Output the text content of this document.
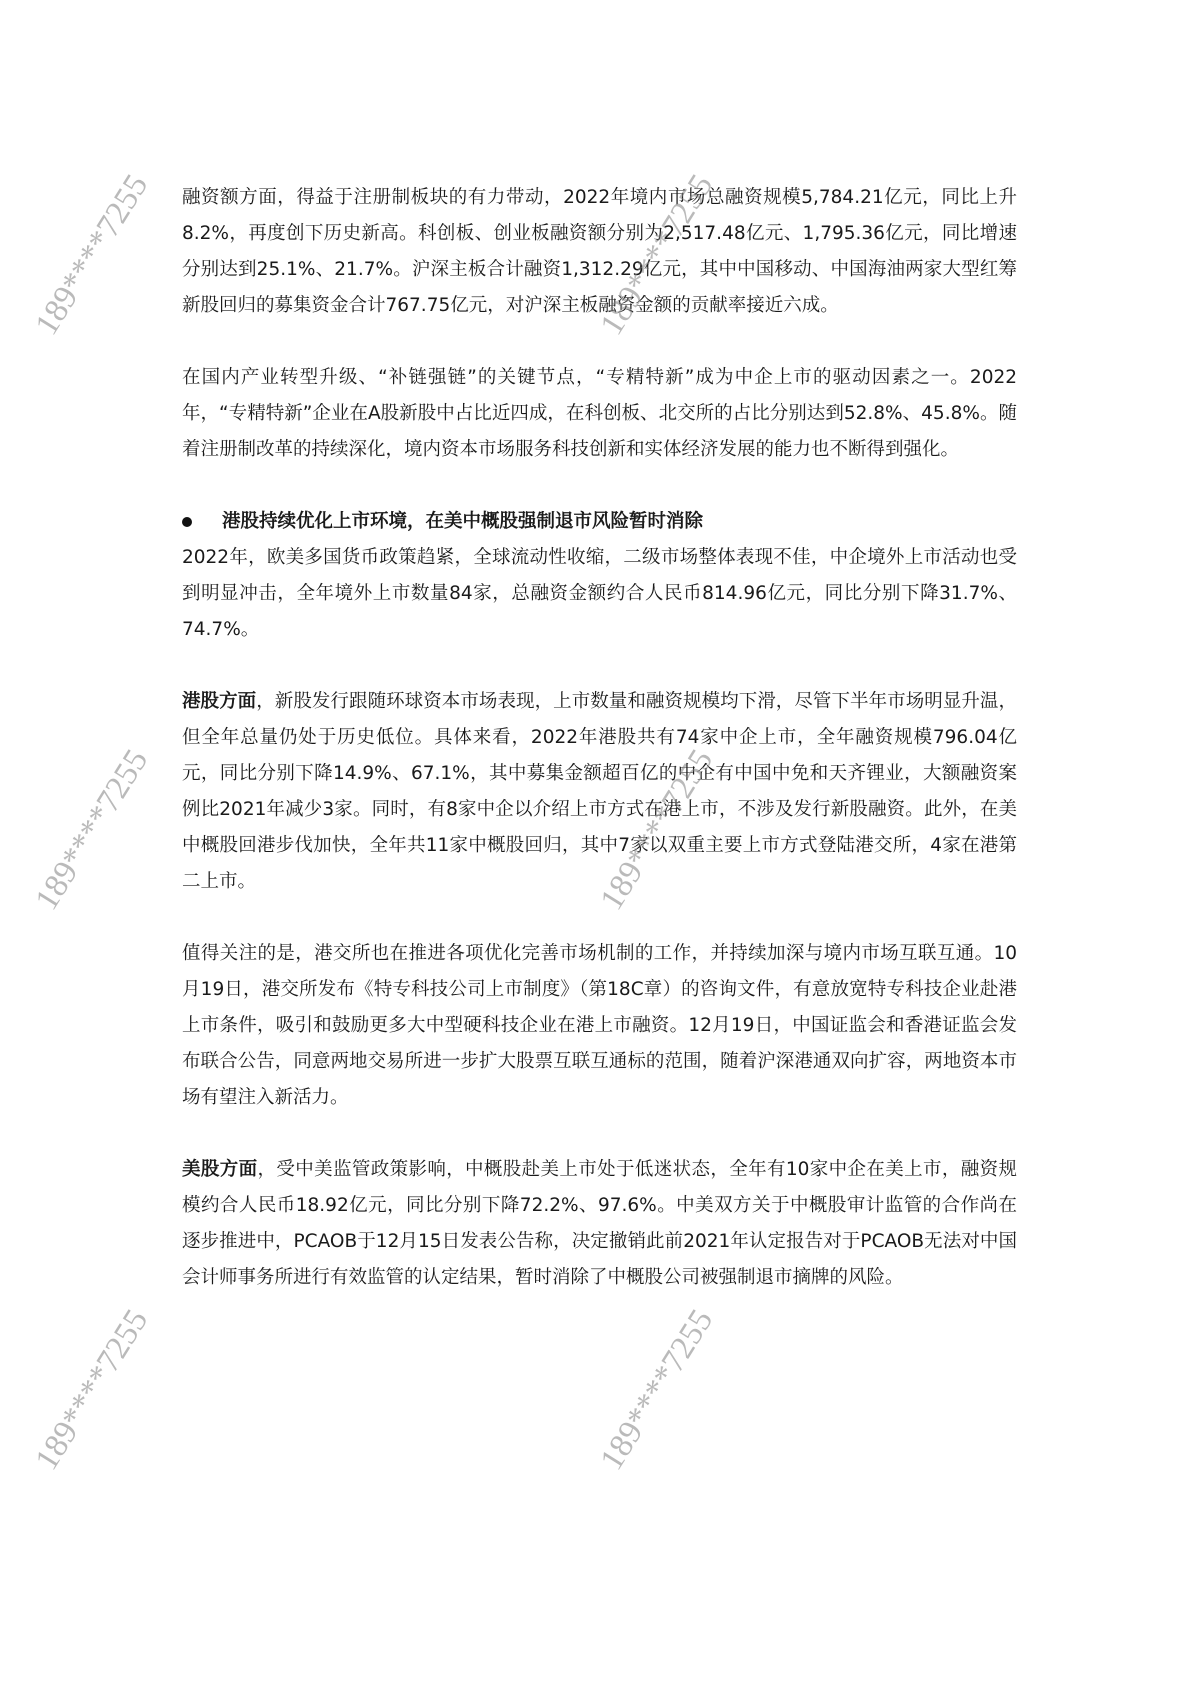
融资额方面，得益于注册制板块的有力带动，2022年境内市场总融资规模5,784.21亿元，同比上升8.2%，再度创下历史新高。科创板、创业板融资额分别为2,517.48亿元、1,795.36亿元，同比增速分别达到25.1%、21.7%。沪深主板合计融资1,312.29亿元，其中中国移动、中国海油两家大型红筹新股回归的募集资金合计767.75亿元，对沪深主板融资金额的贡献率接近六成。

在国内产业转型升级、“补链强链”的关键节点，“专精特新”成为中企上市的驱动因素之一。2022年，“专精特新”企业在A股新股中占比近四成，在科创板、北交所的占比分别达到52.8%、45.8%。随着注册制改革的持续深化，境内资本市场服务科技创新和实体经济发展的能力也不断得到强化。

港股持续优化上市环境，在美中概股强制退市风险暂时消除

2022年，欧美多国货币政策趋紧，全球流动性收缩，二级市场整体表现不佳，中企境外上市活动也受到明显冲击，全年境外上市数量84家，总融资金额约合人民币814.96亿元，同比分别下降31.7%、74.7%。

港股方面，新股发行跟随环球资本市场表现，上市数量和融资规模均下滑，尽管下半年市场明显升温，但全年总量仍处于历史低位。具体来看，2022年港股共有74家中企上市，全年融资规模796.04亿元，同比分别下降14.9%、67.1%，其中募集金额超百亿的中企有中国中免和天齐锂业，大额融资案例比2021年减少3家。同时，有8家中企以介绍上市方式在港上市，不涉及发行新股融资。此外，在美中概股回港步伐加快，全年共11家中概股回归，其中7家以双重主要上市方式登陆港交所，4家在港第二上市。

值得关注的是，港交所也在推进各项优化完善市场机制的工作，并持续加深与境内市场互联互通。10月19日，港交所发布《特专科技公司上市制度》（第18C章）的咨询文件，有意放宽特专科技企业赴港上市条件，吸引和鼓励更多大中型硬科技企业在港上市融资。12月19日，中国证监会和香港证监会发布联合公告，同意两地交易所进一步扩大股票互联互通标的范围，随着沪深港通双向扩容，两地资本市场有望注入新活力。

美股方面，受中美监管政策影响，中概股赴美上市处于低迷状态，全年有10家中企在美上市，融资规模约合人民币18.92亿元，同比分别下降72.2%、97.6%。中美双方关于中概股审计监管的合作尚在逐步推进中，PCAOB于12月15日发表公告称，决定撤销此前2021年认定报告对于PCAOB无法对中国会计师事务所进行有效监管的认定结果，暂时消除了中概股公司被强制退市摘牌的风险。

189****7255	189****7255
189****7255	189****7255
189****7255	189****7255
